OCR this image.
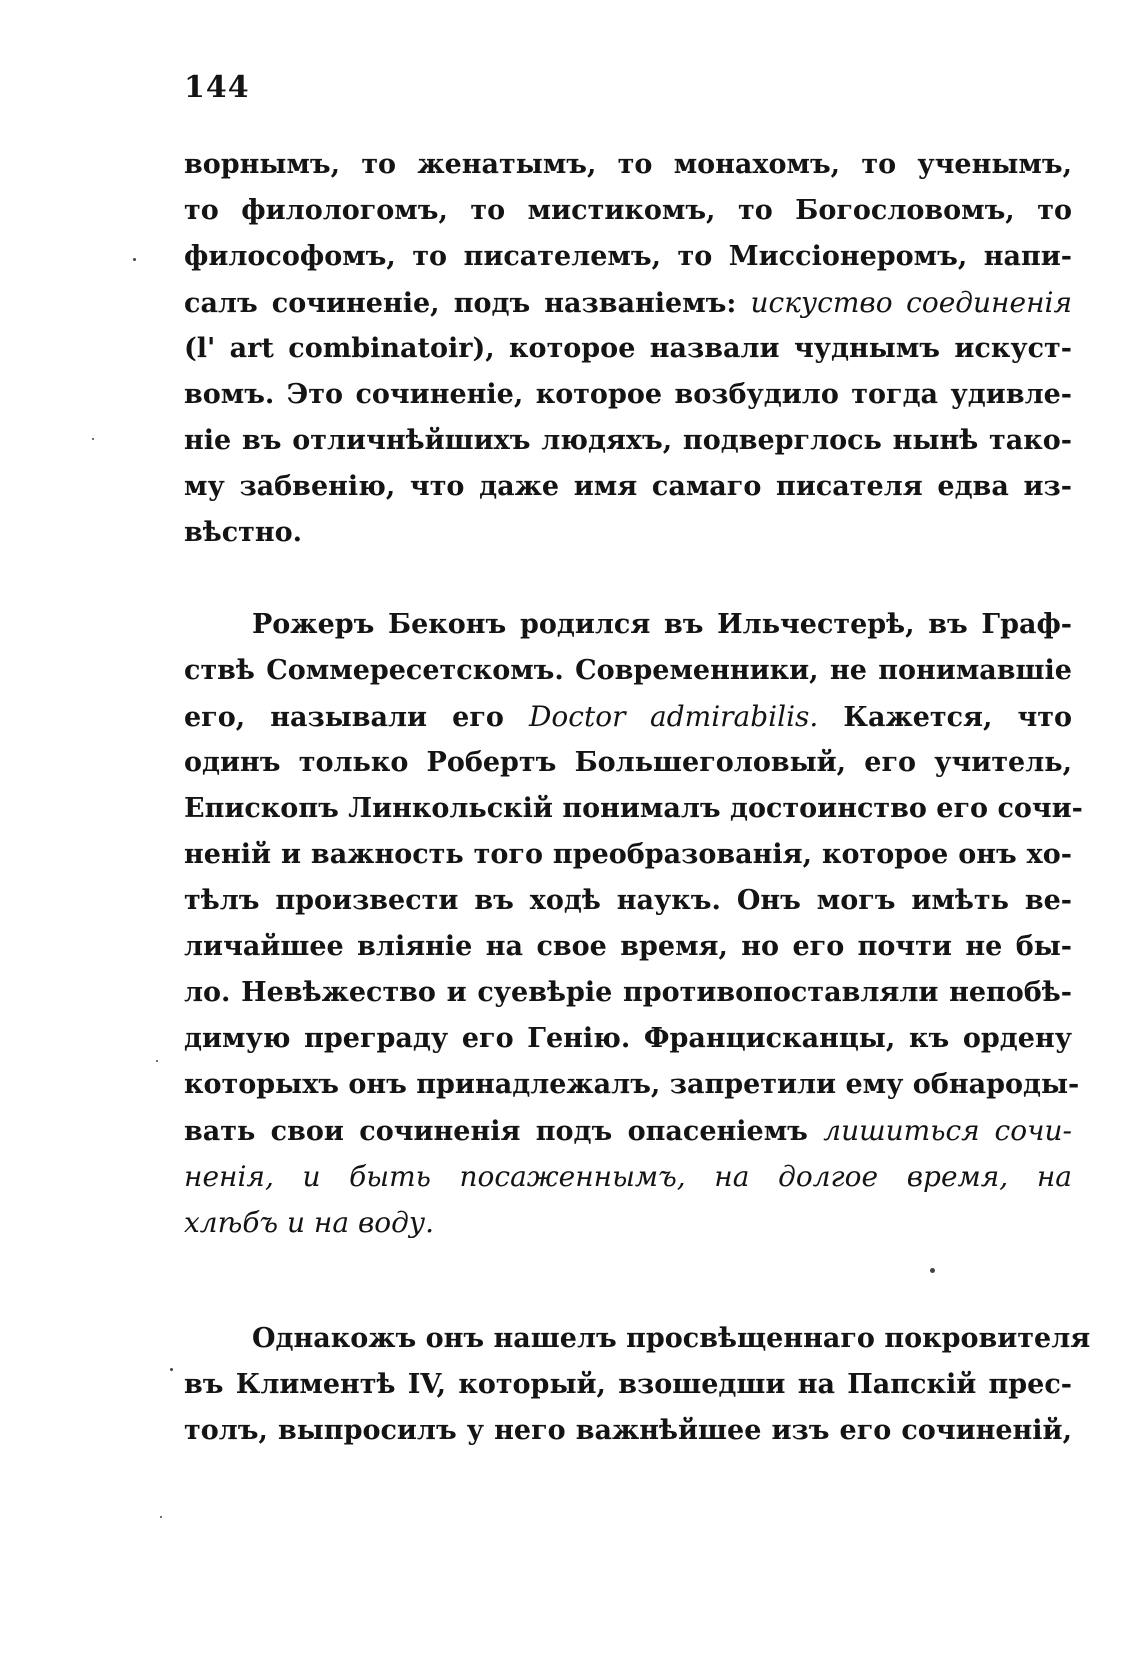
144
ворнымъ, то женатымъ, то монахомъ, то ученымъ,
то филологомъ, то мистикомъ, то Богословомъ, то
философомъ, то писателемъ, то Миссіонеромъ, напи-
салъ сочиненіе, подъ названіемъ: искуство соединенія
(l' art combinatoir), которое назвали чуднымъ искуст-
вомъ. Это сочиненіе, которое возбудило тогда удивле-
ніе въ отличнѣйшихъ людяхъ, подверглось нынѣ тако-
му забвенію, что даже имя самаго писателя едва из-
вѣстно.
Рожеръ Беконъ родился въ Ильчестерѣ, въ Граф-
ствѣ Соммересетскомъ. Современники, не понимавшіе
его, называли его Doctor admirabilis. Кажется, что
одинъ только Робертъ Большеголовый, его учитель,
Епископъ Линкольскій понималъ достоинство его сочи-
неній и важность того преобразованія, которое онъ хо-
тѣлъ произвести въ ходѣ наукъ. Онъ могъ имѣть ве-
личайшее вліяніе на свое время, но его почти не бы-
ло. Невѣжество и суевѣріе противопоставляли непобѣ-
димую преграду его Генію. Францисканцы, къ ордену
которыхъ онъ принадлежалъ, запретили ему обнароды-
вать свои сочиненія подъ опасеніемъ лишиться сочи-
ненія, и быть посаженнымъ, на долгое время, на
хлѣбъ и на воду.
Однакожъ онъ нашелъ просвѣщеннаго покровителя
въ Климентѣ IV, который, взошедши на Папскій прес-
толъ, выпросилъ у него важнѣйшее изъ его сочиненій,
